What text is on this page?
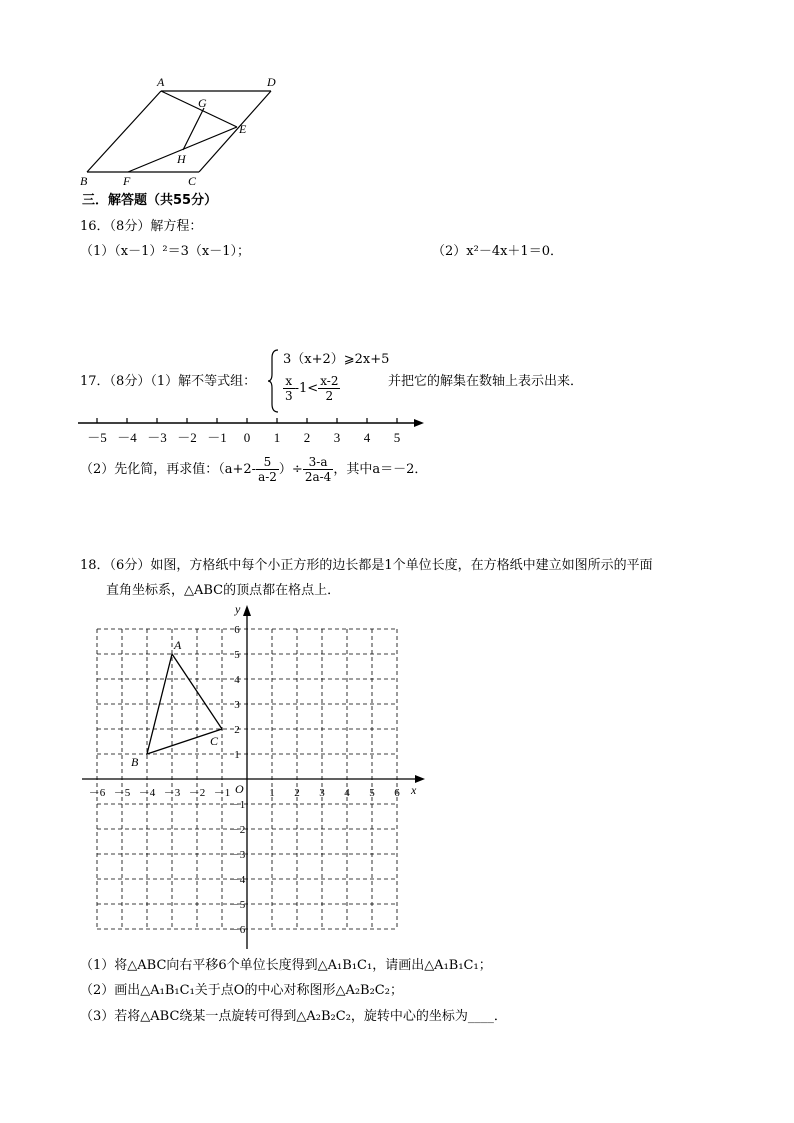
A	D
G
E
H
B	F	C
三．解答题（共55分）
16．（8分）解方程：
（1）（x－1）²＝3（x－1）；	（2）x²－4x＋1＝0．
17．（8分）（1）解不等式组：
3（x+2）⩾2x+5
$\frac{x}{3} -1< \frac{x-2}{2}$	并把它的解集在数轴上表示出来．
－5 －4 －3 －2 －1 0 1 2 3 4 5
（2）先化简，再求值：（$a+2- \frac{5}{a-2}$ ）÷ $\frac{3-a}{2a-4}$ ，其中a＝－2．
18．（6分）如图，方格纸中每个小正方形的边长都是1个单位长度，在方格纸中建立如图所示的平面
直角坐标系，△ABC的顶点都在格点上．
x
y
O
－6 －5 －4 －3 －2 －1	1 2 3 4 5 6
1
2
3
4
5
6
－1
－2
－3
－4
－5
－6
A
B
C
（1）将△ABC向右平移6个单位长度得到△A₁B₁C₁，请画出△A₁B₁C₁；
（2）画出△A₁B₁C₁关于点O的中心对称图形△A₂B₂C₂；
（3）若将△ABC绕某一点旋转可得到△A₂B₂C₂，旋转中心的坐标为____．
